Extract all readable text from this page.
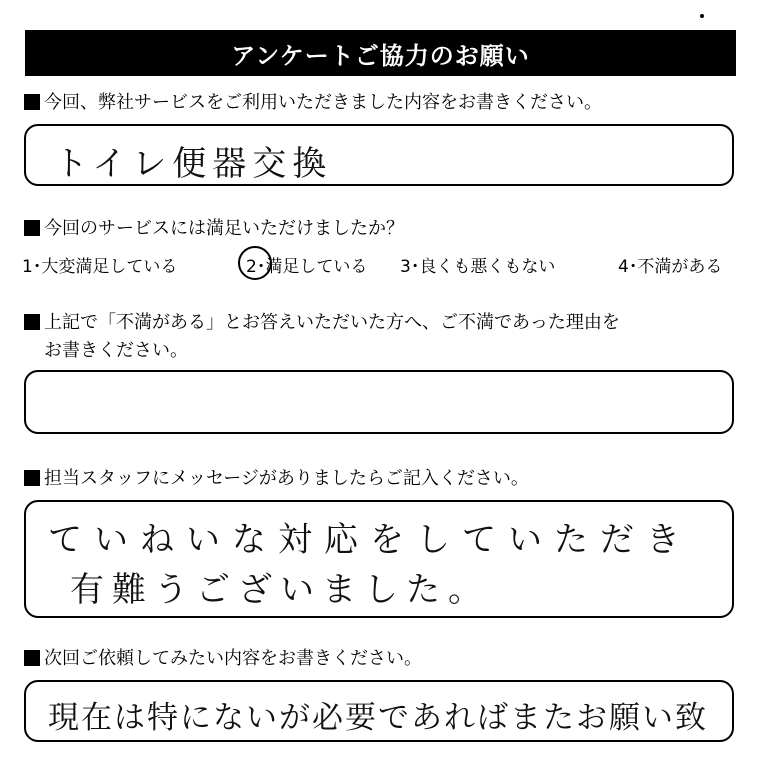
アンケートご協力のお願い
今回、弊社サービスをご利用いただきました内容をお書きください。
トイレ便器交換
今回のサービスには満足いただけましたか？
1･大変満足している	2･満足している 3･良くも悪くもない	4･不満がある
上記で「不満がある」とお答えいただいた方へ、ご不満であった理由を
お書きください。
担当スタッフにメッセージがありましたらご記入ください。
ていねいな対応をしていただき
有難うございました。
次回ご依頼してみたい内容をお書きください。
現在は特にないが必要であればまたお願い致
